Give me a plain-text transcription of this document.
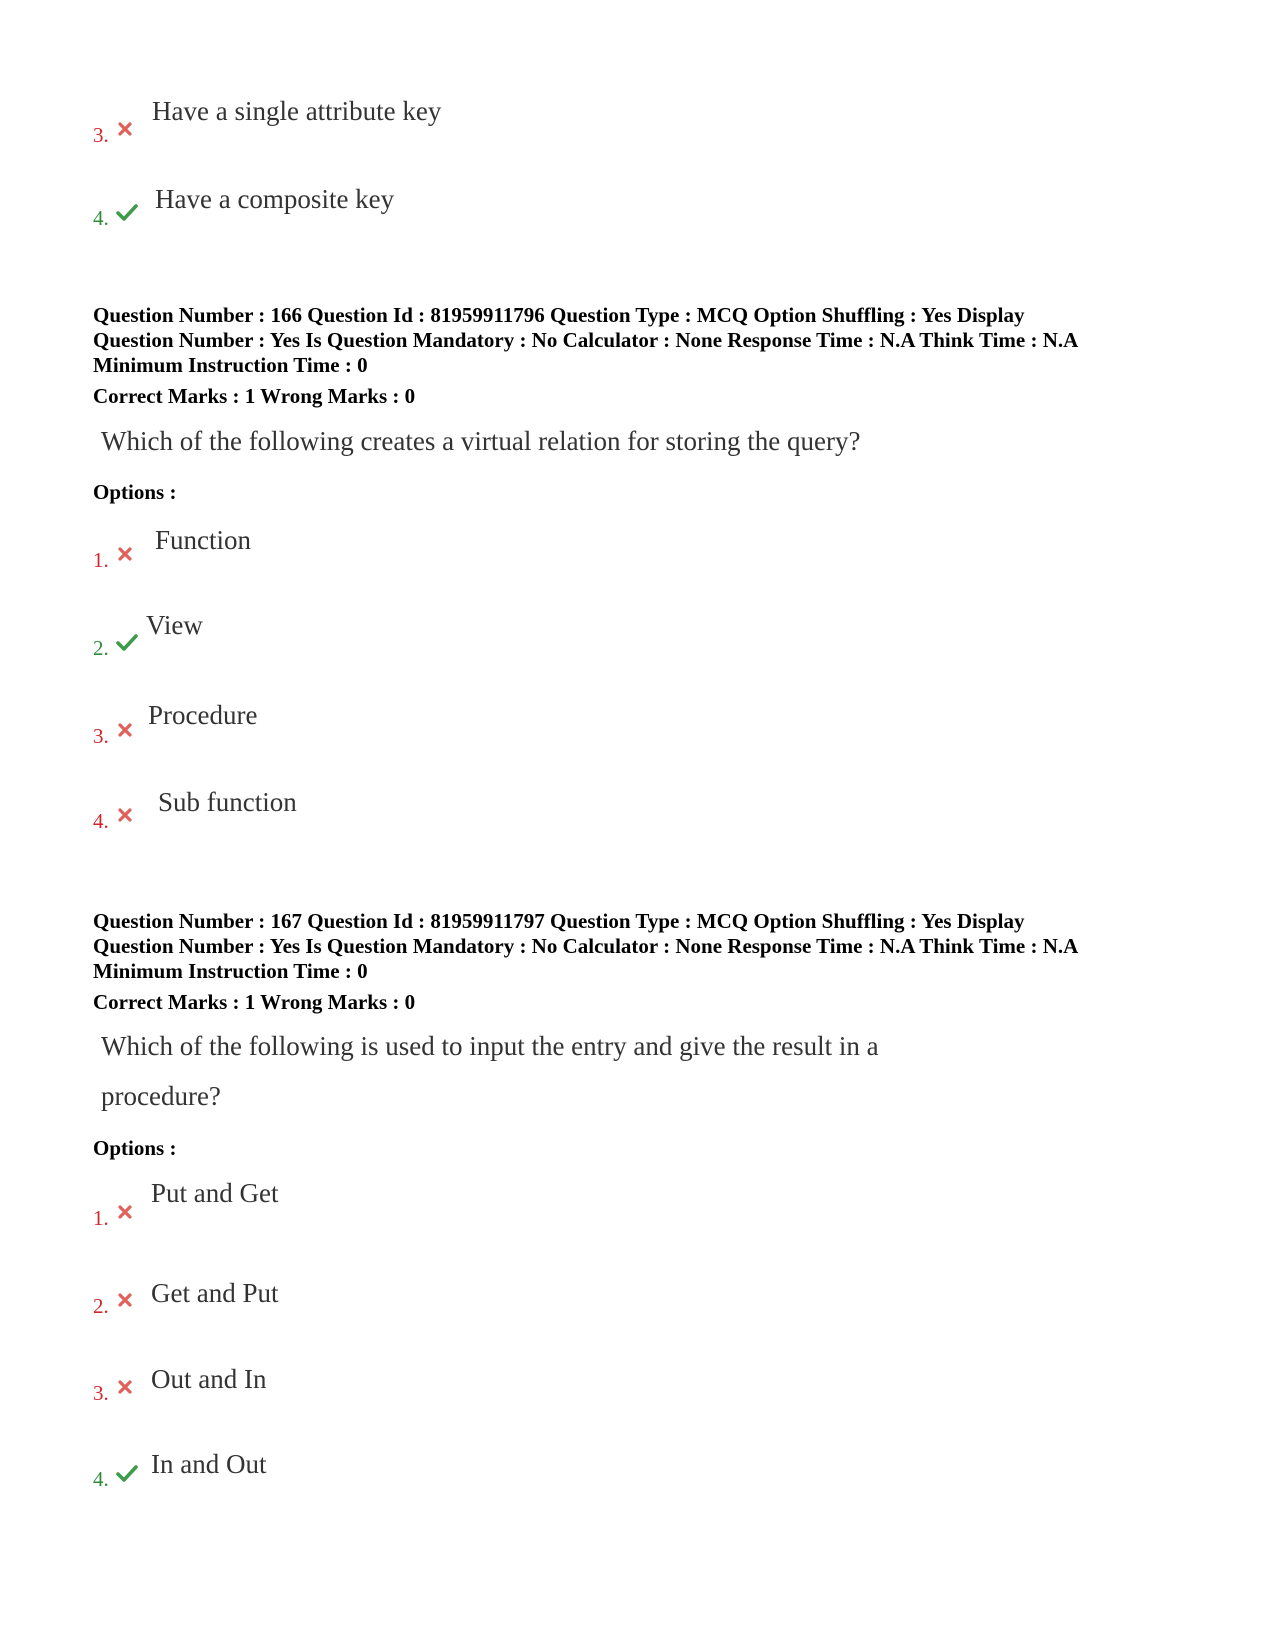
3.
Have a single attribute key
4.
Have a composite key
Question Number : 166 Question Id : 81959911796 Question Type : MCQ Option Shuffling : Yes Display
Question Number : Yes Is Question Mandatory : No Calculator : None Response Time : N.A Think Time : N.A
Minimum Instruction Time : 0
Correct Marks : 1 Wrong Marks : 0
Which of the following creates a virtual relation for storing the query?
Options :
1.
Function
2.
View
3.
Procedure
4.
Sub function
Question Number : 167 Question Id : 81959911797 Question Type : MCQ Option Shuffling : Yes Display
Question Number : Yes Is Question Mandatory : No Calculator : None Response Time : N.A Think Time : N.A
Minimum Instruction Time : 0
Correct Marks : 1 Wrong Marks : 0
Which of the following is used to input the entry and give the result in a
procedure?
Options :
1.
Put and Get
2. Get and Put
3. Out and In
4. In and Out
